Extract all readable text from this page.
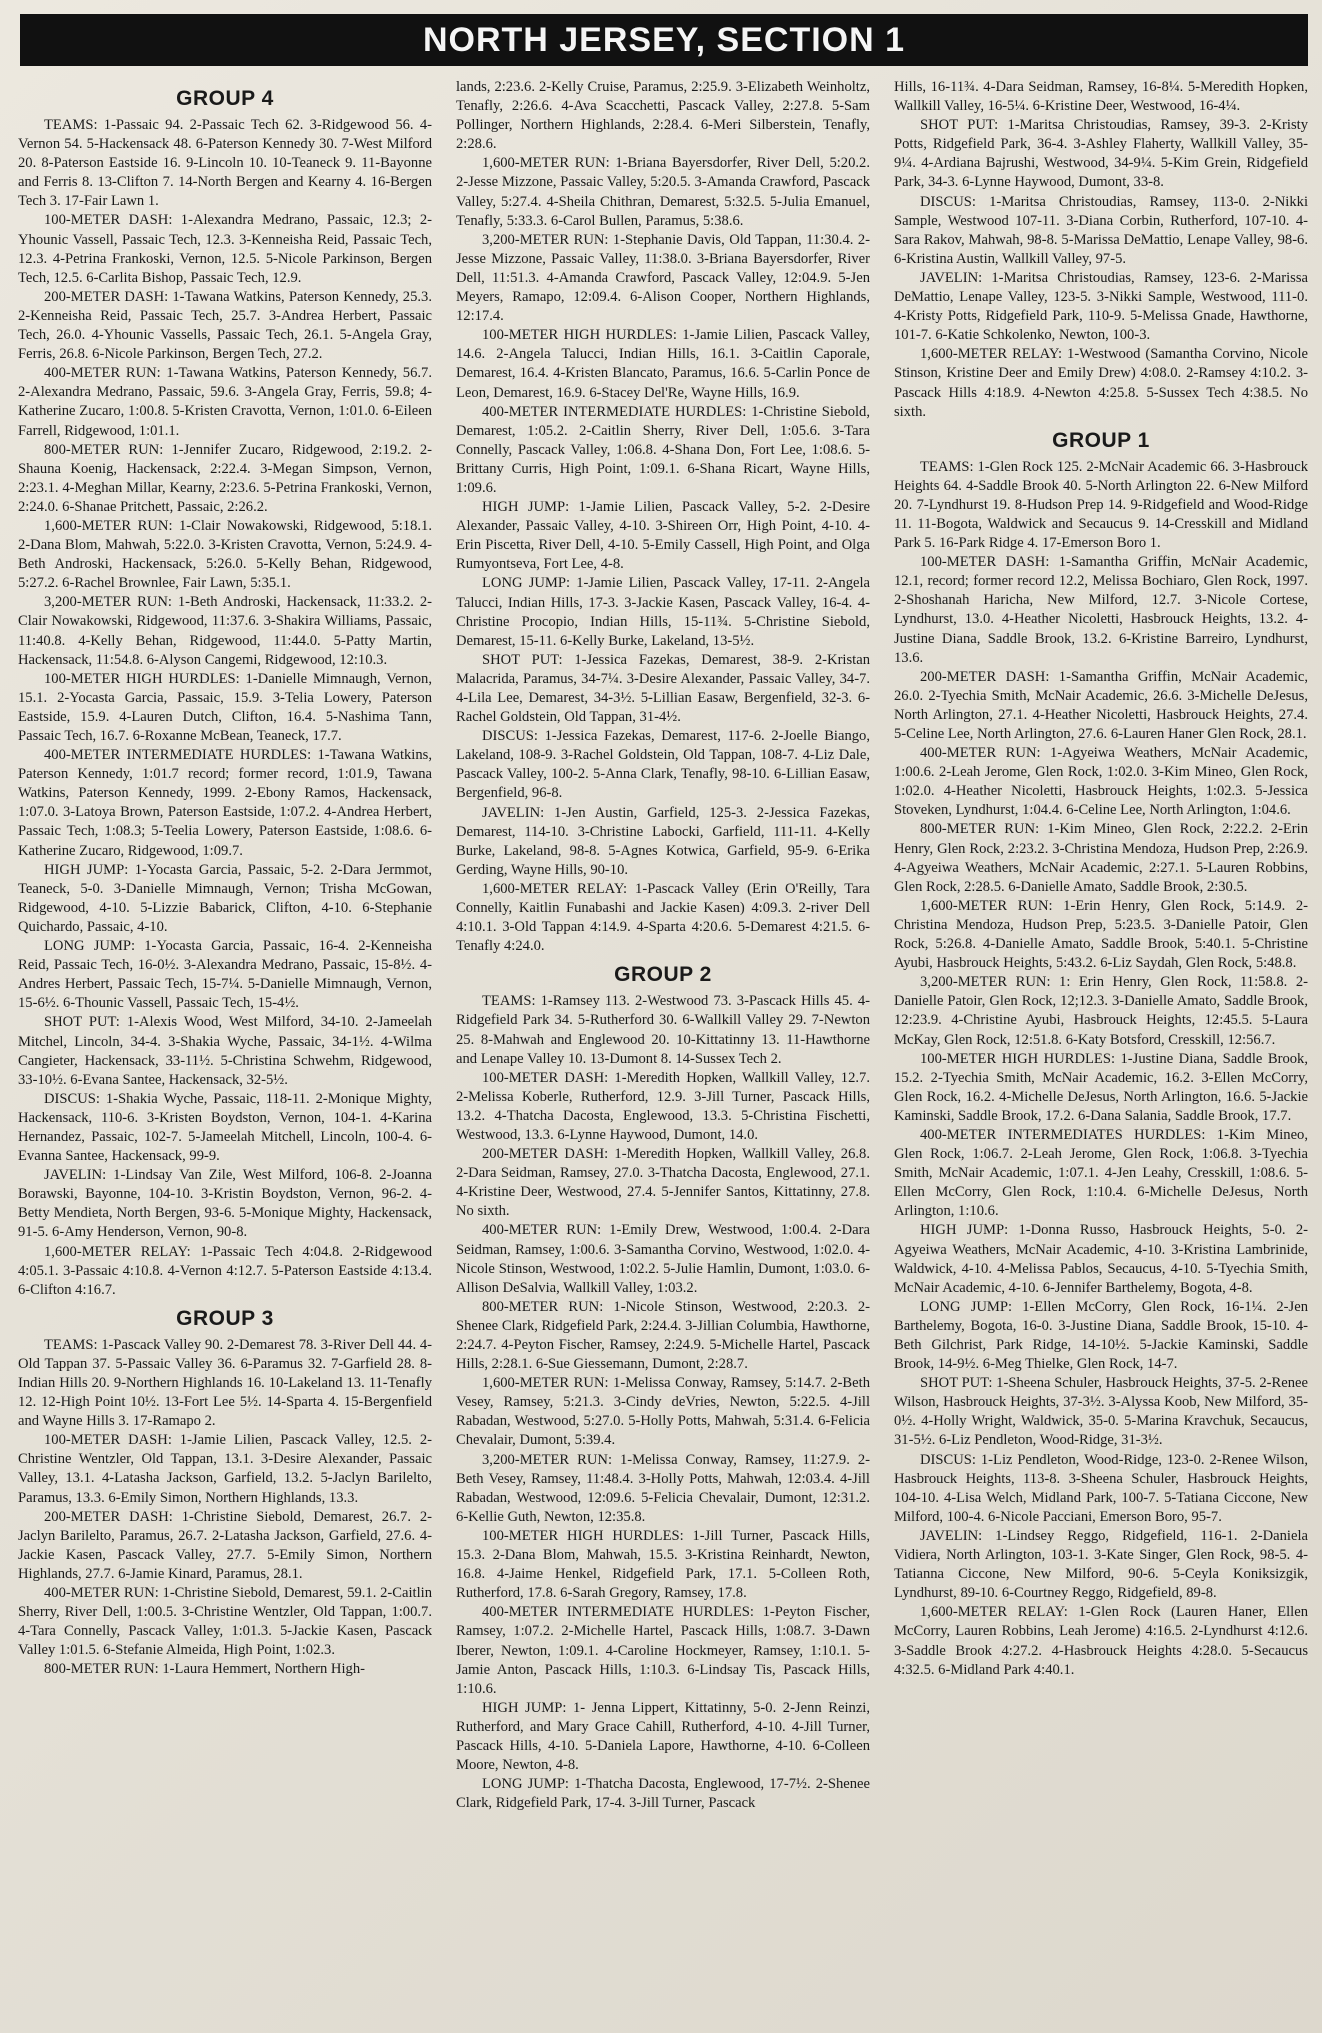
NORTH JERSEY, SECTION 1
GROUP 4

TEAMS: 1-Passaic 94. 2-Passaic Tech 62. 3-Ridgewood 56. 4-Vernon 54. 5-Hackensack 48. 6-Paterson Kennedy 30. 7-West Milford 20. 8-Paterson Eastside 16. 9-Lincoln 10. 10-Teaneck 9. 11-Bayonne and Ferris 8. 13-Clifton 7. 14-North Bergen and Kearny 4. 16-Bergen Tech 3. 17-Fair Lawn 1.

100-METER DASH: 1-Alexandra Medrano, Passaic, 12.3; 2-Yhounic Vassell, Passaic Tech, 12.3. 3-Kenneisha Reid, Passaic Tech, 12.3. 4-Petrina Frankoski, Vernon, 12.5. 5-Nicole Parkinson, Bergen Tech, 12.5. 6-Carlita Bishop, Passaic Tech, 12.9.

200-METER DASH: 1-Tawana Watkins, Paterson Kennedy, 25.3. 2-Kenneisha Reid, Passaic Tech, 25.7. 3-Andrea Herbert, Passaic Tech, 26.0. 4-Yhounic Vassells, Passaic Tech, 26.1. 5-Angela Gray, Ferris, 26.8. 6-Nicole Parkinson, Bergen Tech, 27.2.

400-METER RUN: 1-Tawana Watkins, Paterson Kennedy, 56.7. 2-Alexandra Medrano, Passaic, 59.6. 3-Angela Gray, Ferris, 59.8; 4-Katherine Zucaro, 1:00.8. 5-Kristen Cravotta, Vernon, 1:01.0. 6-Eileen Farrell, Ridgewood, 1:01.1.

800-METER RUN: 1-Jennifer Zucaro, Ridgewood, 2:19.2. 2-Shauna Koenig, Hackensack, 2:22.4. 3-Megan Simpson, Vernon, 2:23.1. 4-Meghan Millar, Kearny, 2:23.6. 5-Petrina Frankoski, Vernon, 2:24.0. 6-Shanae Pritchett, Passaic, 2:26.2.

1,600-METER RUN: 1-Clair Nowakowski, Ridgewood, 5:18.1. 2-Dana Blom, Mahwah, 5:22.0. 3-Kristen Cravotta, Vernon, 5:24.9. 4-Beth Androski, Hackensack, 5:26.0. 5-Kelly Behan, Ridgewood, 5:27.2. 6-Rachel Brownlee, Fair Lawn, 5:35.1.

3,200-METER RUN: 1-Beth Androski, Hackensack, 11:33.2. 2-Clair Nowakowski, Ridgewood, 11:37.6. 3-Shakira Williams, Passaic, 11:40.8. 4-Kelly Behan, Ridgewood, 11:44.0. 5-Patty Martin, Hackensack, 11:54.8. 6-Alyson Cangemi, Ridgewood, 12:10.3.

100-METER HIGH HURDLES: 1-Danielle Mimnaugh, Vernon, 15.1. 2-Yocasta Garcia, Passaic, 15.9. 3-Telia Lowery, Paterson Eastside, 15.9. 4-Lauren Dutch, Clifton, 16.4. 5-Nashima Tann, Passaic Tech, 16.7. 6-Roxanne McBean, Teaneck, 17.7.

400-METER INTERMEDIATE HURDLES: 1-Tawana Watkins, Paterson Kennedy, 1:01.7 record; former record, 1:01.9, Tawana Watkins, Paterson Kennedy, 1999. 2-Ebony Ramos, Hackensack, 1:07.0. 3-Latoya Brown, Paterson Eastside, 1:07.2. 4-Andrea Herbert, Passaic Tech, 1:08.3; 5-Teelia Lowery, Paterson Eastside, 1:08.6. 6-Katherine Zucaro, Ridgewood, 1:09.7.

HIGH JUMP: 1-Yocasta Garcia, Passaic, 5-2. 2-Dara Jermmot, Teaneck, 5-0. 3-Danielle Mimnaugh, Vernon; Trisha McGowan, Ridgewood, 4-10. 5-Lizzie Babarick, Clifton, 4-10. 6-Stephanie Quichardo, Passaic, 4-10.

LONG JUMP: 1-Yocasta Garcia, Passaic, 16-4. 2-Kenneisha Reid, Passaic Tech, 16-0½. 3-Alexandra Medrano, Passaic, 15-8½. 4-Andres Herbert, Passaic Tech, 15-7¼. 5-Danielle Mimnaugh, Vernon, 15-6½. 6-Thounic Vassell, Passaic Tech, 15-4½.

SHOT PUT: 1-Alexis Wood, West Milford, 34-10. 2-Jameelah Mitchel, Lincoln, 34-4. 3-Shakia Wyche, Passaic, 34-1½. 4-Wilma Cangieter, Hackensack, 33-11½. 5-Christina Schwehm, Ridgewood, 33-10½. 6-Evana Santee, Hackensack, 32-5½.

DISCUS: 1-Shakia Wyche, Passaic, 118-11. 2-Monique Mighty, Hackensack, 110-6. 3-Kristen Boydston, Vernon, 104-1. 4-Karina Hernandez, Passaic, 102-7. 5-Jameelah Mitchell, Lincoln, 100-4. 6-Evanna Santee, Hackensack, 99-9.

JAVELIN: 1-Lindsay Van Zile, West Milford, 106-8. 2-Joanna Borawski, Bayonne, 104-10. 3-Kristin Boydston, Vernon, 96-2. 4-Betty Mendieta, North Bergen, 93-6. 5-Monique Mighty, Hackensack, 91-5. 6-Amy Henderson, Vernon, 90-8.

1,600-METER RELAY: 1-Passaic Tech 4:04.8. 2-Ridgewood 4:05.1. 3-Passaic 4:10.8. 4-Vernon 4:12.7. 5-Paterson Eastside 4:13.4. 6-Clifton 4:16.7.

GROUP 3

TEAMS: 1-Pascack Valley 90. 2-Demarest 78. 3-River Dell 44. 4-Old Tappan 37. 5-Passaic Valley 36. 6-Paramus 32. 7-Garfield 28. 8-Indian Hills 20. 9-Northern Highlands 16. 10-Lakeland 13. 11-Tenafly 12. 12-High Point 10½. 13-Fort Lee 5½. 14-Sparta 4. 15-Bergenfield and Wayne Hills 3. 17-Ramapo 2.

100-METER DASH: 1-Jamie Lilien, Pascack Valley, 12.5. 2-Christine Wentzler, Old Tappan, 13.1. 3-Desire Alexander, Passaic Valley, 13.1. 4-Latasha Jackson, Garfield, 13.2. 5-Jaclyn Barilelto, Paramus, 13.3. 6-Emily Simon, Northern Highlands, 13.3.

200-METER DASH: 1-Christine Siebold, Demarest, 26.7. 2-Jaclyn Barilelto, Paramus, 26.7. 2-Latasha Jackson, Garfield, 27.6. 4-Jackie Kasen, Pascack Valley, 27.7. 5-Emily Simon, Northern Highlands, 27.7. 6-Jamie Kinard, Paramus, 28.1.

400-METER RUN: 1-Christine Siebold, Demarest, 59.1. 2-Caitlin Sherry, River Dell, 1:00.5. 3-Christine Wentzler, Old Tappan, 1:00.7. 4-Tara Connelly, Pascack Valley, 1:01.3. 5-Jackie Kasen, Pascack Valley 1:01.5. 6-Stefanie Almeida, High Point, 1:02.3.

800-METER RUN: 1-Laura Hemmert, Northern High-

lands, 2:23.6. 2-Kelly Cruise, Paramus, 2:25.9. 3-Elizabeth Weinholtz, Tenafly, 2:26.6. 4-Ava Scacchetti, Pascack Valley, 2:27.8. 5-Sam Pollinger, Northern Highlands, 2:28.4. 6-Meri Silberstein, Tenafly, 2:28.6.

1,600-METER RUN: 1-Briana Bayersdorfer, River Dell, 5:20.2. 2-Jesse Mizzone, Passaic Valley, 5:20.5. 3-Amanda Crawford, Pascack Valley, 5:27.4. 4-Sheila Chithran, Demarest, 5:32.5. 5-Julia Emanuel, Tenafly, 5:33.3. 6-Carol Bullen, Paramus, 5:38.6.

3,200-METER RUN: 1-Stephanie Davis, Old Tappan, 11:30.4. 2-Jesse Mizzone, Passaic Valley, 11:38.0. 3-Briana Bayersdorfer, River Dell, 11:51.3. 4-Amanda Crawford, Pascack Valley, 12:04.9. 5-Jen Meyers, Ramapo, 12:09.4. 6-Alison Cooper, Northern Highlands, 12:17.4.

100-METER HIGH HURDLES: 1-Jamie Lilien, Pascack Valley, 14.6. 2-Angela Talucci, Indian Hills, 16.1. 3-Caitlin Caporale, Demarest, 16.4. 4-Kristen Blancato, Paramus, 16.6. 5-Carlin Ponce de Leon, Demarest, 16.9. 6-Stacey Del'Re, Wayne Hills, 16.9.

400-METER INTERMEDIATE HURDLES: 1-Christine Siebold, Demarest, 1:05.2. 2-Caitlin Sherry, River Dell, 1:05.6. 3-Tara Connelly, Pascack Valley, 1:06.8. 4-Shana Don, Fort Lee, 1:08.6. 5-Brittany Curris, High Point, 1:09.1. 6-Shana Ricart, Wayne Hills, 1:09.6.

HIGH JUMP: 1-Jamie Lilien, Pascack Valley, 5-2. 2-Desire Alexander, Passaic Valley, 4-10. 3-Shireen Orr, High Point, 4-10. 4-Erin Piscetta, River Dell, 4-10. 5-Emily Cassell, High Point, and Olga Rumyontseva, Fort Lee, 4-8.

LONG JUMP: 1-Jamie Lilien, Pascack Valley, 17-11. 2-Angela Talucci, Indian Hills, 17-3. 3-Jackie Kasen, Pascack Valley, 16-4. 4-Christine Procopio, Indian Hills, 15-11¾. 5-Christine Siebold, Demarest, 15-11. 6-Kelly Burke, Lakeland, 13-5½.

SHOT PUT: 1-Jessica Fazekas, Demarest, 38-9. 2-Kristan Malacrida, Paramus, 34-7¼. 3-Desire Alexander, Passaic Valley, 34-7. 4-Lila Lee, Demarest, 34-3½. 5-Lillian Easaw, Bergenfield, 32-3. 6-Rachel Goldstein, Old Tappan, 31-4½.

DISCUS: 1-Jessica Fazekas, Demarest, 117-6. 2-Joelle Biango, Lakeland, 108-9. 3-Rachel Goldstein, Old Tappan, 108-7. 4-Liz Dale, Pascack Valley, 100-2. 5-Anna Clark, Tenafly, 98-10. 6-Lillian Easaw, Bergenfield, 96-8.

JAVELIN: 1-Jen Austin, Garfield, 125-3. 2-Jessica Fazekas, Demarest, 114-10. 3-Christine Labocki, Garfield, 111-11. 4-Kelly Burke, Lakeland, 98-8. 5-Agnes Kotwica, Garfield, 95-9. 6-Erika Gerding, Wayne Hills, 90-10.

1,600-METER RELAY: 1-Pascack Valley (Erin O'Reilly, Tara Connelly, Kaitlin Funabashi and Jackie Kasen) 4:09.3. 2-river Dell 4:10.1. 3-Old Tappan 4:14.9. 4-Sparta 4:20.6. 5-Demarest 4:21.5. 6-Tenafly 4:24.0.

GROUP 2

TEAMS: 1-Ramsey 113. 2-Westwood 73. 3-Pascack Hills 45. 4-Ridgefield Park 34. 5-Rutherford 30. 6-Wallkill Valley 29. 7-Newton 25. 8-Mahwah and Englewood 20. 10-Kittatinny 13. 11-Hawthorne and Lenape Valley 10. 13-Dumont 8. 14-Sussex Tech 2.

100-METER DASH: 1-Meredith Hopken, Wallkill Valley, 12.7. 2-Melissa Koberle, Rutherford, 12.9. 3-Jill Turner, Pascack Hills, 13.2. 4-Thatcha Dacosta, Englewood, 13.3. 5-Christina Fischetti, Westwood, 13.3. 6-Lynne Haywood, Dumont, 14.0.

200-METER DASH: 1-Meredith Hopken, Wallkill Valley, 26.8. 2-Dara Seidman, Ramsey, 27.0. 3-Thatcha Dacosta, Englewood, 27.1. 4-Kristine Deer, Westwood, 27.4. 5-Jennifer Santos, Kittatinny, 27.8. No sixth.

400-METER RUN: 1-Emily Drew, Westwood, 1:00.4. 2-Dara Seidman, Ramsey, 1:00.6. 3-Samantha Corvino, Westwood, 1:02.0. 4-Nicole Stinson, Westwood, 1:02.2. 5-Julie Hamlin, Dumont, 1:03.0. 6-Allison DeSalvia, Wallkill Valley, 1:03.2.

800-METER RUN: 1-Nicole Stinson, Westwood, 2:20.3. 2-Shenee Clark, Ridgefield Park, 2:24.4. 3-Jillian Columbia, Hawthorne, 2:24.7. 4-Peyton Fischer, Ramsey, 2:24.9. 5-Michelle Hartel, Pascack Hills, 2:28.1. 6-Sue Giessemann, Dumont, 2:28.7.

1,600-METER RUN: 1-Melissa Conway, Ramsey, 5:14.7. 2-Beth Vesey, Ramsey, 5:21.3. 3-Cindy deVries, Newton, 5:22.5. 4-Jill Rabadan, Westwood, 5:27.0. 5-Holly Potts, Mahwah, 5:31.4. 6-Felicia Chevalair, Dumont, 5:39.4.

3,200-METER RUN: 1-Melissa Conway, Ramsey, 11:27.9. 2-Beth Vesey, Ramsey, 11:48.4. 3-Holly Potts, Mahwah, 12:03.4. 4-Jill Rabadan, Westwood, 12:09.6. 5-Felicia Chevalair, Dumont, 12:31.2. 6-Kellie Guth, Newton, 12:35.8.

100-METER HIGH HURDLES: 1-Jill Turner, Pascack Hills, 15.3. 2-Dana Blom, Mahwah, 15.5. 3-Kristina Reinhardt, Newton, 16.8. 4-Jaime Henkel, Ridgefield Park, 17.1. 5-Colleen Roth, Rutherford, 17.8. 6-Sarah Gregory, Ramsey, 17.8.

400-METER INTERMEDIATE HURDLES: 1-Peyton Fischer, Ramsey, 1:07.2. 2-Michelle Hartel, Pascack Hills, 1:08.7. 3-Dawn Iberer, Newton, 1:09.1. 4-Caroline Hockmeyer, Ramsey, 1:10.1. 5-Jamie Anton, Pascack Hills, 1:10.3. 6-Lindsay Tis, Pascack Hills, 1:10.6.

HIGH JUMP: 1- Jenna Lippert, Kittatinny, 5-0. 2-Jenn Reinzi, Rutherford, and Mary Grace Cahill, Rutherford, 4-10. 4-Jill Turner, Pascack Hills, 4-10. 5-Daniela Lapore, Hawthorne, 4-10. 6-Colleen Moore, Newton, 4-8.

LONG JUMP: 1-Thatcha Dacosta, Englewood, 17-7½. 2-Shenee Clark, Ridgefield Park, 17-4. 3-Jill Turner, Pascack

Hills, 16-11¾. 4-Dara Seidman, Ramsey, 16-8¼. 5-Meredith Hopken, Wallkill Valley, 16-5¼. 6-Kristine Deer, Westwood, 16-4¼.

SHOT PUT: 1-Maritsa Christoudias, Ramsey, 39-3. 2-Kristy Potts, Ridgefield Park, 36-4. 3-Ashley Flaherty, Wallkill Valley, 35-9¼. 4-Ardiana Bajrushi, Westwood, 34-9¼. 5-Kim Grein, Ridgefield Park, 34-3. 6-Lynne Haywood, Dumont, 33-8.

DISCUS: 1-Maritsa Christoudias, Ramsey, 113-0. 2-Nikki Sample, Westwood 107-11. 3-Diana Corbin, Rutherford, 107-10. 4-Sara Rakov, Mahwah, 98-8. 5-Marissa DeMattio, Lenape Valley, 98-6. 6-Kristina Austin, Wallkill Valley, 97-5.

JAVELIN: 1-Maritsa Christoudias, Ramsey, 123-6. 2-Marissa DeMattio, Lenape Valley, 123-5. 3-Nikki Sample, Westwood, 111-0. 4-Kristy Potts, Ridgefield Park, 110-9. 5-Melissa Gnade, Hawthorne, 101-7. 6-Katie Schkolenko, Newton, 100-3.

1,600-METER RELAY: 1-Westwood (Samantha Corvino, Nicole Stinson, Kristine Deer and Emily Drew) 4:08.0. 2-Ramsey 4:10.2. 3-Pascack Hills 4:18.9. 4-Newton 4:25.8. 5-Sussex Tech 4:38.5. No sixth.

GROUP 1

TEAMS: 1-Glen Rock 125. 2-McNair Academic 66. 3-Hasbrouck Heights 64. 4-Saddle Brook 40. 5-North Arlington 22. 6-New Milford 20. 7-Lyndhurst 19. 8-Hudson Prep 14. 9-Ridgefield and Wood-Ridge 11. 11-Bogota, Waldwick and Secaucus 9. 14-Cresskill and Midland Park 5. 16-Park Ridge 4. 17-Emerson Boro 1.

100-METER DASH: 1-Samantha Griffin, McNair Academic, 12.1, record; former record 12.2, Melissa Bochiaro, Glen Rock, 1997. 2-Shoshanah Haricha, New Milford, 12.7. 3-Nicole Cortese, Lyndhurst, 13.0. 4-Heather Nicoletti, Hasbrouck Heights, 13.2. 4-Justine Diana, Saddle Brook, 13.2. 6-Kristine Barreiro, Lyndhurst, 13.6.

200-METER DASH: 1-Samantha Griffin, McNair Academic, 26.0. 2-Tyechia Smith, McNair Academic, 26.6. 3-Michelle DeJesus, North Arlington, 27.1. 4-Heather Nicoletti, Hasbrouck Heights, 27.4. 5-Celine Lee, North Arlington, 27.6. 6-Lauren Haner Glen Rock, 28.1.

400-METER RUN: 1-Agyeiwa Weathers, McNair Academic, 1:00.6. 2-Leah Jerome, Glen Rock, 1:02.0. 3-Kim Mineo, Glen Rock, 1:02.0. 4-Heather Nicoletti, Hasbrouck Heights, 1:02.3. 5-Jessica Stoveken, Lyndhurst, 1:04.4. 6-Celine Lee, North Arlington, 1:04.6.

800-METER RUN: 1-Kim Mineo, Glen Rock, 2:22.2. 2-Erin Henry, Glen Rock, 2:23.2. 3-Christina Mendoza, Hudson Prep, 2:26.9. 4-Agyeiwa Weathers, McNair Academic, 2:27.1. 5-Lauren Robbins, Glen Rock, 2:28.5. 6-Danielle Amato, Saddle Brook, 2:30.5.

1,600-METER RUN: 1-Erin Henry, Glen Rock, 5:14.9. 2-Christina Mendoza, Hudson Prep, 5:23.5. 3-Danielle Patoir, Glen Rock, 5:26.8. 4-Danielle Amato, Saddle Brook, 5:40.1. 5-Christine Ayubi, Hasbrouck Heights, 5:43.2. 6-Liz Saydah, Glen Rock, 5:48.8.

3,200-METER RUN: 1: Erin Henry, Glen Rock, 11:58.8. 2-Danielle Patoir, Glen Rock, 12;12.3. 3-Danielle Amato, Saddle Brook, 12:23.9. 4-Christine Ayubi, Hasbrouck Heights, 12:45.5. 5-Laura McKay, Glen Rock, 12:51.8. 6-Katy Botsford, Cresskill, 12:56.7.

100-METER HIGH HURDLES: 1-Justine Diana, Saddle Brook, 15.2. 2-Tyechia Smith, McNair Academic, 16.2. 3-Ellen McCorry, Glen Rock, 16.2. 4-Michelle DeJesus, North Arlington, 16.6. 5-Jackie Kaminski, Saddle Brook, 17.2. 6-Dana Salania, Saddle Brook, 17.7.

400-METER INTERMEDIATES HURDLES: 1-Kim Mineo, Glen Rock, 1:06.7. 2-Leah Jerome, Glen Rock, 1:06.8. 3-Tyechia Smith, McNair Academic, 1:07.1. 4-Jen Leahy, Cresskill, 1:08.6. 5-Ellen McCorry, Glen Rock, 1:10.4. 6-Michelle DeJesus, North Arlington, 1:10.6.

HIGH JUMP: 1-Donna Russo, Hasbrouck Heights, 5-0. 2-Agyeiwa Weathers, McNair Academic, 4-10. 3-Kristina Lambrinide, Waldwick, 4-10. 4-Melissa Pablos, Secaucus, 4-10. 5-Tyechia Smith, McNair Academic, 4-10. 6-Jennifer Barthelemy, Bogota, 4-8.

LONG JUMP: 1-Ellen McCorry, Glen Rock, 16-1¼. 2-Jen Barthelemy, Bogota, 16-0. 3-Justine Diana, Saddle Brook, 15-10. 4-Beth Gilchrist, Park Ridge, 14-10½. 5-Jackie Kaminski, Saddle Brook, 14-9½. 6-Meg Thielke, Glen Rock, 14-7.

SHOT PUT: 1-Sheena Schuler, Hasbrouck Heights, 37-5. 2-Renee Wilson, Hasbrouck Heights, 37-3½. 3-Alyssa Koob, New Milford, 35-0½. 4-Holly Wright, Waldwick, 35-0. 5-Marina Kravchuk, Secaucus, 31-5½. 6-Liz Pendleton, Wood-Ridge, 31-3½.

DISCUS: 1-Liz Pendleton, Wood-Ridge, 123-0. 2-Renee Wilson, Hasbrouck Heights, 113-8. 3-Sheena Schuler, Hasbrouck Heights, 104-10. 4-Lisa Welch, Midland Park, 100-7. 5-Tatiana Ciccone, New Milford, 100-4. 6-Nicole Pacciani, Emerson Boro, 95-7.

JAVELIN: 1-Lindsey Reggo, Ridgefield, 116-1. 2-Daniela Vidiera, North Arlington, 103-1. 3-Kate Singer, Glen Rock, 98-5. 4-Tatianna Ciccone, New Milford, 90-6. 5-Ceyla Koniksizgik, Lyndhurst, 89-10. 6-Courtney Reggo, Ridgefield, 89-8.

1,600-METER RELAY: 1-Glen Rock (Lauren Haner, Ellen McCorry, Lauren Robbins, Leah Jerome) 4:16.5. 2-Lyndhurst 4:12.6. 3-Saddle Brook 4:27.2. 4-Hasbrouck Heights 4:28.0. 5-Secaucus 4:32.5. 6-Midland Park 4:40.1.
